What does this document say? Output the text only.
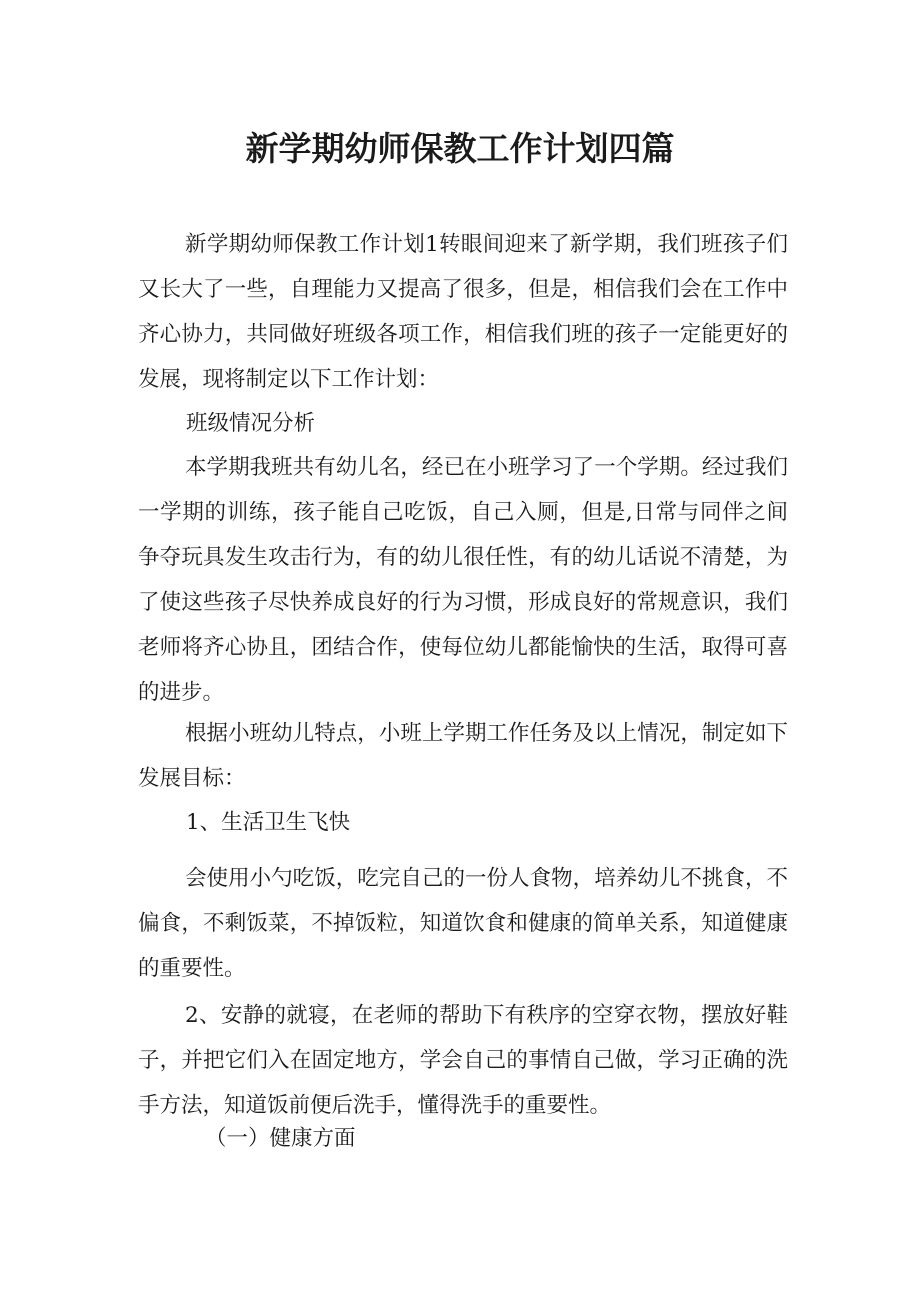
新学期幼师保教工作计划四篇

新学期幼师保教工作计划1转眼间迎来了新学期，我们班孩子们又长大了一些，自理能力又提高了很多，但是，相信我们会在工作中齐心协力，共同做好班级各项工作，相信我们班的孩子一定能更好的发展，现将制定以下工作计划：

班级情况分析

本学期我班共有幼儿名，经已在小班学习了一个学期。经过我们一学期的训练，孩子能自己吃饭，自己入厕，但是,日常与同伴之间争夺玩具发生攻击行为，有的幼儿很任性，有的幼儿话说不清楚，为了使这些孩子尽快养成良好的行为习惯，形成良好的常规意识，我们老师将齐心协且，团结合作，使每位幼儿都能愉快的生活，取得可喜的进步。

根据小班幼儿特点，小班上学期工作任务及以上情况，制定如下发展目标：

1、生活卫生飞快

会使用小勺吃饭，吃完自己的一份人食物，培养幼儿不挑食，不偏食，不剩饭菜，不掉饭粒，知道饮食和健康的简单关系，知道健康的重要性。

2、安静的就寝，在老师的帮助下有秩序的空穿衣物，摆放好鞋子，并把它们入在固定地方，学会自己的事情自己做，学习正确的洗手方法，知道饭前便后洗手，懂得洗手的重要性。

（一）健康方面
